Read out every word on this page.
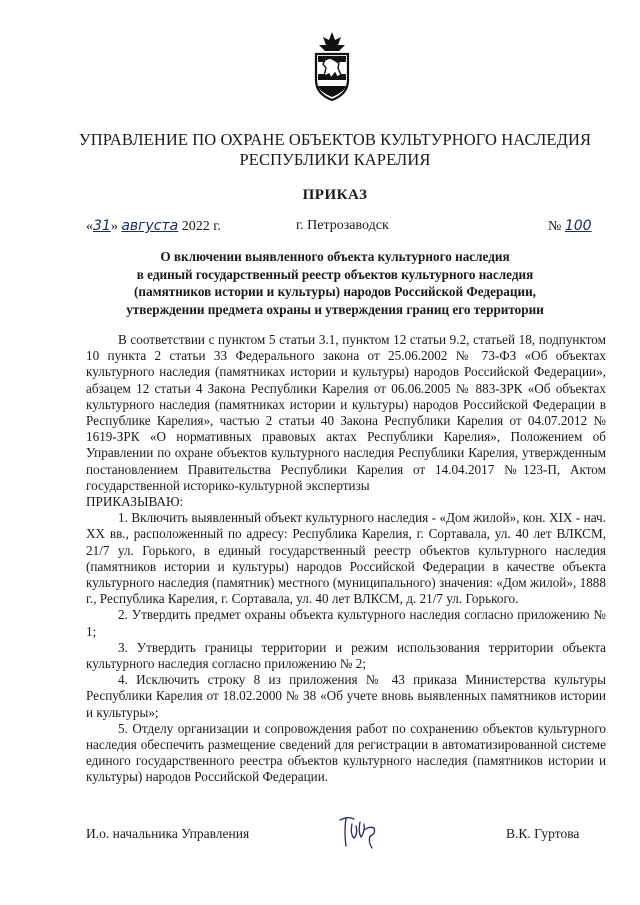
УПРАВЛЕНИЕ ПО ОХРАНЕ ОБЪЕКТОВ КУЛЬТУРНОГО НАСЛЕДИЯ
РЕСПУБЛИКИ КАРЕЛИЯ
ПРИКАЗ
«31» августа 2022 г.	г. Петрозаводск	№ 100
О включении выявленного объекта культурного наследия
в единый государственный реестр объектов культурного наследия
(памятников истории и культуры) народов Российской Федерации,
утверждении предмета охраны и утверждения границ его территории

В соответствии с пунктом 5 статьи 3.1, пунктом 12 статьи 9.2, статьей 18, подпунктом 10 пункта 2 статьи 33 Федерального закона от 25.06.2002 № 73-ФЗ «Об объектах культурного наследия (памятниках истории и культуры) народов Российской Федерации», абзацем 12 статьи 4 Закона Республики Карелия от 06.06.2005 № 883-ЗРК «Об объектах культурного наследия (памятниках истории и культуры) народов Российской Федерации в Республике Карелия», частью 2 статьи 40 Закона Республики Карелия от 04.07.2012 № 1619-ЗРК «О нормативных правовых актах Республики Карелия», Положением об Управлении по охране объектов культурного наследия Республики Карелия, утвержденным постановлением Правительства Республики Карелия от 14.04.2017 №123-П, Актом государственной историко-культурной экспертизы

ПРИКАЗЫВАЮ:

1. Включить выявленный объект культурного наследия - «Дом жилой», кон. XIX - нач. XX вв., расположенный по адресу: Республика Карелия, г. Сортавала, ул. 40 лет ВЛКСМ, 21/7 ул. Горького, в единый государственный реестр объектов культурного наследия (памятников истории и культуры) народов Российской Федерации в качестве объекта культурного наследия (памятник) местного (муниципального) значения: «Дом жилой», 1888 г., Республика Карелия, г. Сортавала, ул. 40 лет ВЛКСМ, д. 21/7 ул. Горького.

2. Утвердить предмет охраны объекта культурного наследия согласно приложению № 1;

3. Утвердить границы территории и режим использования территории объекта культурного наследия согласно приложению № 2;

4. Исключить строку 8 из приложения № 43 приказа Министерства культуры Республики Карелия от 18.02.2000 № 38 «Об учете вновь выявленных памятников истории и культуры»;

5. Отделу организации и сопровождения работ по сохранению объектов культурного наследия обеспечить размещение сведений для регистрации в автоматизированной системе единого государственного реестра объектов культурного наследия (памятников истории и культуры) народов Российской Федерации.

И.о. начальника Управления	В.К. Гуртова
